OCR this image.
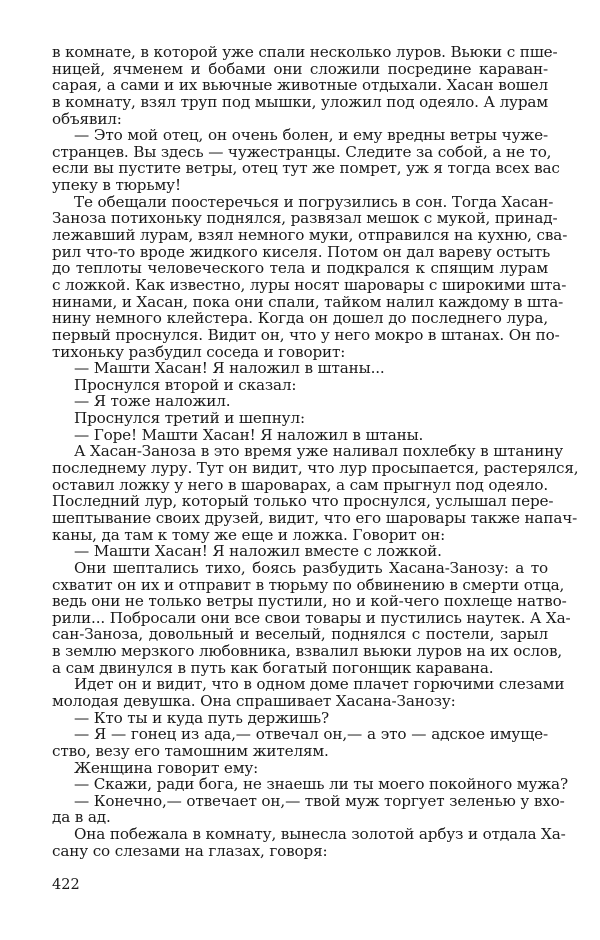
в комнате, в которой уже спали несколько луров. Вьюки с пше-
ницей, ячменем и бобами они сложили посредине караван-
сарая, а сами и их вьючные животные отдыхали. Хасан вошел
в комнату, взял труп под мышки, уложил под одеяло. А лурам
объявил:
— Это мой отец, он очень болен, и ему вредны ветры чуже-
странцев. Вы здесь — чужестранцы. Следите за собой, а не то,
если вы пустите ветры, отец тут же помрет, уж я тогда всех вас
упеку в тюрьму!
Те обещали поостеречься и погрузились в сон. Тогда Хасан-
Заноза потихоньку поднялся, развязал мешок с мукой, принад-
лежавший лурам, взял немного муки, отправился на кухню, сва-
рил что-то вроде жидкого киселя. Потом он дал вареву остыть
до теплоты человеческого тела и подкрался к спящим лурам
с ложкой. Как известно, луры носят шаровары с широкими шта-
нинами, и Хасан, пока они спали, тайком налил каждому в шта-
нину немного клейстера. Когда он дошел до последнего лура,
первый проснулся. Видит он, что у него мокро в штанах. Он по-
тихоньку разбудил соседа и говорит:
— Машти Хасан! Я наложил в штаны...
Проснулся второй и сказал:
— Я тоже наложил.
Проснулся третий и шепнул:
— Горе! Машти Хасан! Я наложил в штаны.
А Хасан-Заноза в это время уже наливал похлебку в штанину
последнему луру. Тут он видит, что лур просыпается, растерялся,
оставил ложку у него в шароварах, а сам прыгнул под одеяло.
Последний лур, который только что проснулся, услышал пере-
шептывание своих друзей, видит, что его шаровары также напач-
каны, да там к тому же еще и ложка. Говорит он:
— Машти Хасан! Я наложил вместе с ложкой.
Они шептались тихо, боясь разбудить Хасана-Занозу: а то
схватит он их и отправит в тюрьму по обвинению в смерти отца,
ведь они не только ветры пустили, но и кой-чего похлеще натво-
рили... Побросали они все свои товары и пустились наутек. А Ха-
сан-Заноза, довольный и веселый, поднялся с постели, зарыл
в землю мерзкого любовника, взвалил вьюки луров на их ослов,
а сам двинулся в путь как богатый погонщик каравана.
Идет он и видит, что в одном доме плачет горючими слезами
молодая девушка. Она спрашивает Хасана-Занозу:
— Кто ты и куда путь держишь?
— Я — гонец из ада,— отвечал он,— а это — адское имуще-
ство, везу его тамошним жителям.
Женщина говорит ему:
— Скажи, ради бога, не знаешь ли ты моего покойного мужа?
— Конечно,— отвечает он,— твой муж торгует зеленью у вхо-
да в ад.
Она побежала в комнату, вынесла золотой арбуз и отдала Ха-
сану со слезами на глазах, говоря:
422
